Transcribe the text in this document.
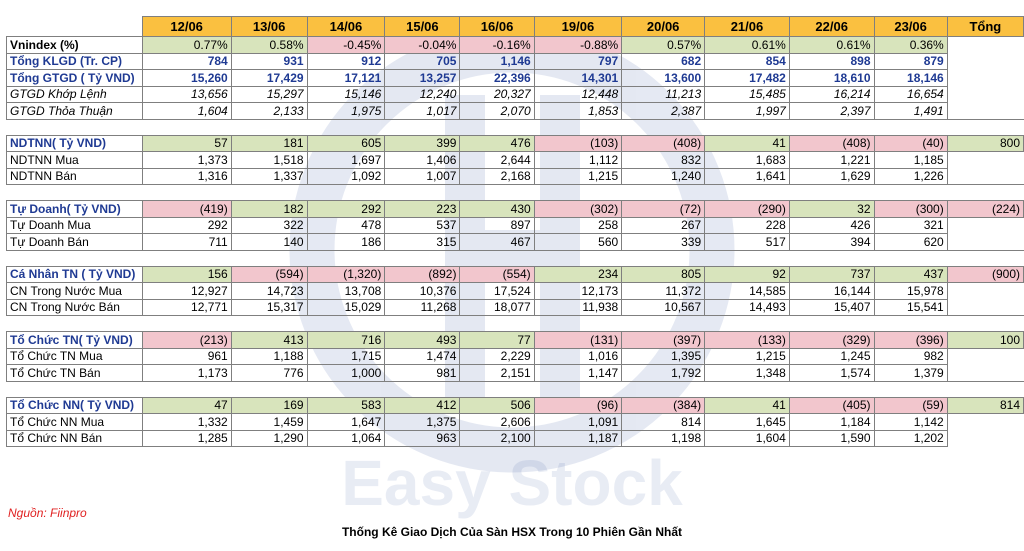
Easy Stock
	12/06	13/06	14/06	15/06	16/06	19/06	20/06	21/06	22/06	23/06	Tổng
Vnindex (%)	0.77%	0.58%	-0.45%	-0.04%	-0.16%	-0.88%	0.57%	0.61%	0.61%	0.36%	
Tổng KLGD (Tr. CP)	784	931	912	705	1,146	797	682	854	898	879	
Tổng GTGD ( Tỷ VND)	15,260	17,429	17,121	13,257	22,396	14,301	13,600	17,482	18,610	18,146	
GTGD Khớp Lệnh	13,656	15,297	15,146	12,240	20,327	12,448	11,213	15,485	16,214	16,654	
GTGD Thỏa Thuận	1,604	2,133	1,975	1,017	2,070	1,853	2,387	1,997	2,397	1,491	

NDTNN( Tỷ VND)	57	181	605	399	476	(103)	(408)	41	(408)	(40)	800
NDTNN Mua	1,373	1,518	1,697	1,406	2,644	1,112	832	1,683	1,221	1,185	
NDTNN Bán	1,316	1,337	1,092	1,007	2,168	1,215	1,240	1,641	1,629	1,226	

Tự Doanh( Tỷ VND)	(419)	182	292	223	430	(302)	(72)	(290)	32	(300)	(224)
Tự Doanh Mua	292	322	478	537	897	258	267	228	426	321	
Tự Doanh Bán	711	140	186	315	467	560	339	517	394	620	

Cá Nhân TN ( Tỷ VND)	156	(594)	(1,320)	(892)	(554)	234	805	92	737	437	(900)
CN Trong Nước Mua	12,927	14,723	13,708	10,376	17,524	12,173	11,372	14,585	16,144	15,978	
CN Trong Nước Bán	12,771	15,317	15,029	11,268	18,077	11,938	10,567	14,493	15,407	15,541	

Tổ Chức TN( Tỷ VND)	(213)	413	716	493	77	(131)	(397)	(133)	(329)	(396)	100
Tổ Chức TN Mua	961	1,188	1,715	1,474	2,229	1,016	1,395	1,215	1,245	982	
Tổ Chức TN Bán	1,173	776	1,000	981	2,151	1,147	1,792	1,348	1,574	1,379	

Tổ Chức NN( Tỷ VND)	47	169	583	412	506	(96)	(384)	41	(405)	(59)	814
Tổ Chức NN Mua	1,332	1,459	1,647	1,375	2,606	1,091	814	1,645	1,184	1,142	
Tổ Chức NN Bán	1,285	1,290	1,064	963	2,100	1,187	1,198	1,604	1,590	1,202	
Nguồn: Fiinpro
Thống Kê Giao Dịch Của Sàn HSX Trong 10 Phiên Gần Nhất
